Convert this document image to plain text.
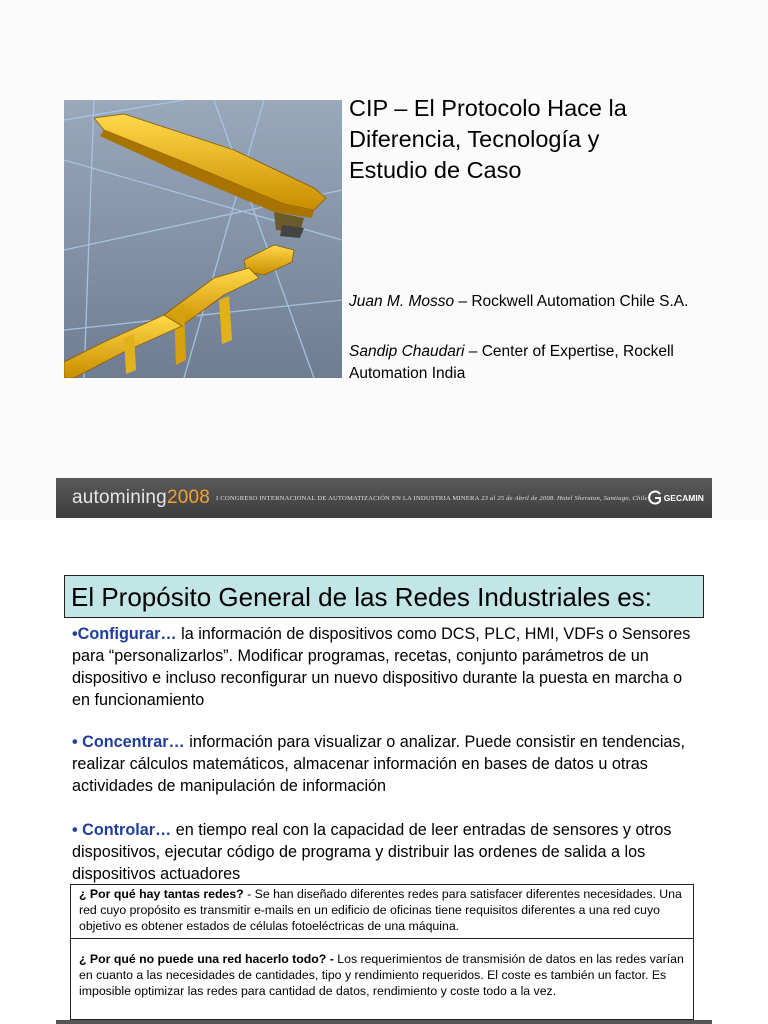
CIP – El Protocolo Hace la Diferencia, Tecnología y Estudio de Caso
Juan M. Mosso – Rockwell Automation Chile S.A.
Sandip Chaudari – Center of Expertise, Rockell Automation India
automining2008 I CONGRESO INTERNACIONAL DE AUTOMATIZACIÓN EN LA INDUSTRIA MINERA 23 al 25 de Abril de 2008. Hotel Sheraton, Santiago, Chile GECAMIN
El Propósito General de las Redes Industriales es:

•Configurar… la información de dispositivos como DCS, PLC, HMI, VDFs o Sensores para “personalizarlos”. Modificar programas, recetas, conjunto parámetros de un dispositivo e incluso reconfigurar un nuevo dispositivo durante la puesta en marcha o en funcionamiento

• Concentrar… información para visualizar o analizar. Puede consistir en tendencias, realizar cálculos matemáticos, almacenar información en bases de datos u otras actividades de manipulación de información

• Controlar… en tiempo real con la capacidad de leer entradas de sensores y otros dispositivos, ejecutar código de programa y distribuir las ordenes de salida a los dispositivos actuadores

¿ Por qué hay tantas redes? - Se han diseñado diferentes redes para satisfacer diferentes necesidades. Una red cuyo propósito es transmitir e-mails en un edificio de oficinas tiene requisitos diferentes a una red cuyo objetivo es obtener estados de células fotoeléctricas de una máquina.
¿ Por qué no puede una red hacerlo todo? - Los requerimientos de transmisión de datos en las redes varían en cuanto a las necesidades de cantidades, tipo y rendimiento requeridos. El coste es también un factor. Es imposible optimizar las redes para cantidad de datos, rendimiento y coste todo a la vez.
